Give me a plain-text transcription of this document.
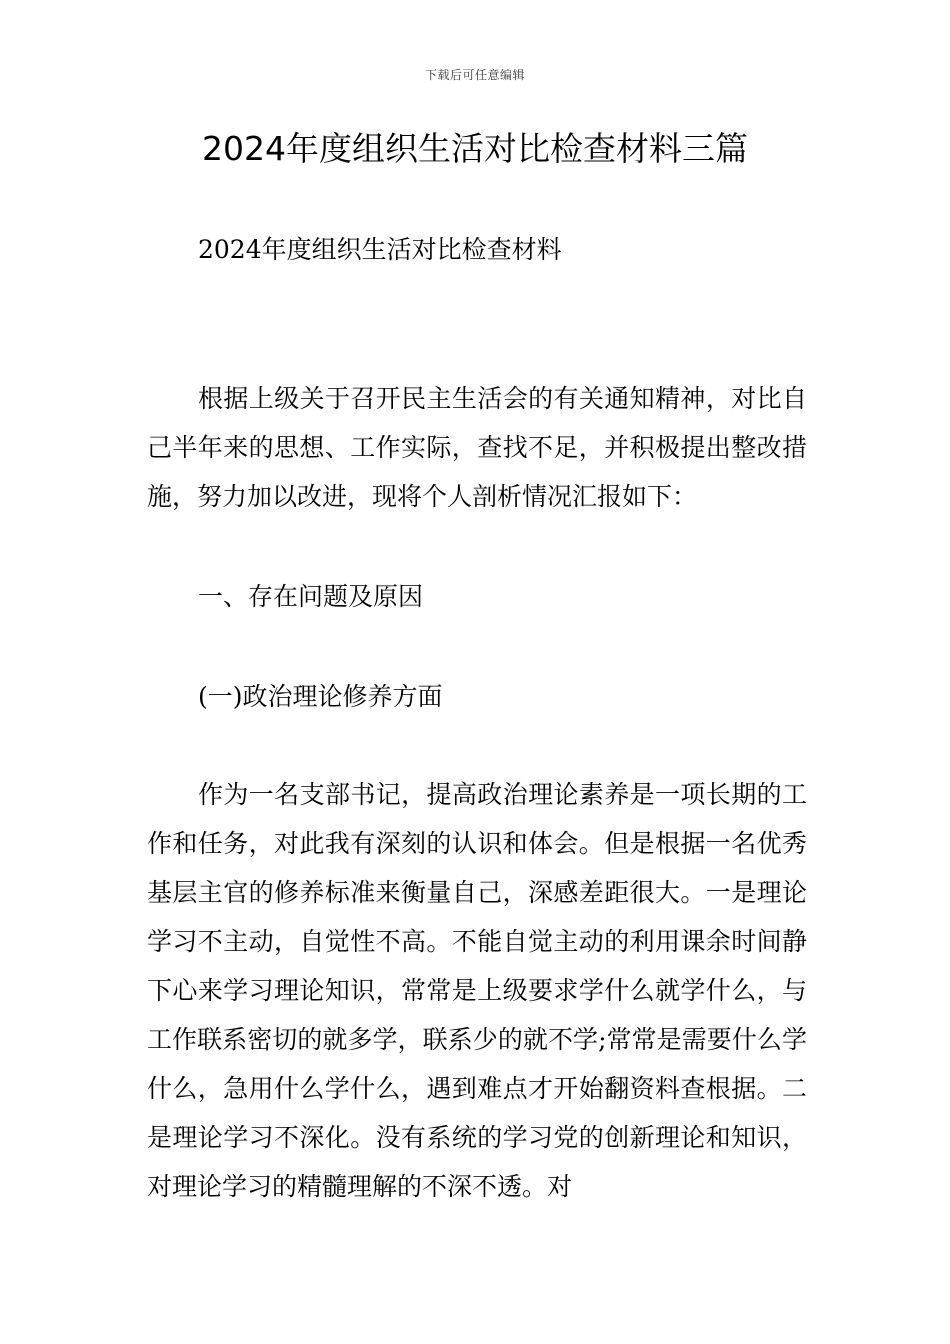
下载后可任意编辑
2024年度组织生活对比检查材料三篇

2024年度组织生活对比检查材料

根据上级关于召开民主生活会的有关通知精神，对比自己半年来的思想、工作实际，查找不足，并积极提出整改措施，努力加以改进，现将个人剖析情况汇报如下：

一、存在问题及原因

(一)政治理论修养方面

作为一名支部书记，提高政治理论素养是一项长期的工作和任务，对此我有深刻的认识和体会。但是根据一名优秀基层主官的修养标准来衡量自己，深感差距很大。一是理论学习不主动，自觉性不高。不能自觉主动的利用课余时间静下心来学习理论知识，常常是上级要求学什么就学什么，与工作联系密切的就多学，联系少的就不学;常常是需要什么学什么，急用什么学什么，遇到难点才开始翻资料查根据。二是理论学习不深化。没有系统的学习党的创新理论和知识，对理论学习的精髓理解的不深不透。对
